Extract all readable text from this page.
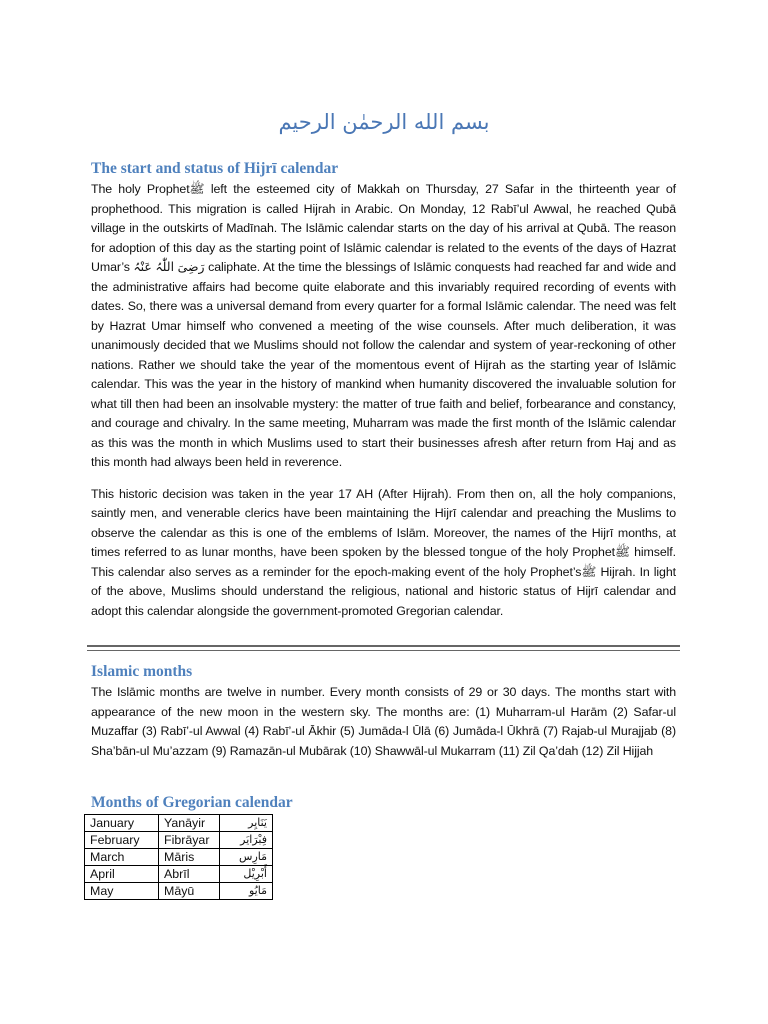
بسم الله الرحمٰن الرحیم
The start and status of Hijrī calendar

The holy Prophetﷺ left the esteemed city of Makkah on Thursday, 27 Safar in the thirteenth year of prophethood. This migration is called Hijrah in Arabic. On Monday, 12 Rabī’ul Awwal, he reached Qubā village in the outskirts of Madīnah. The Islāmic calendar starts on the day of his arrival at Qubā. The reason for adoption of this day as the starting point of Islāmic calendar is related to the events of the days of Hazrat Umar’s رَضِیَ اللّٰہُ عَنْہُ caliphate. At the time the blessings of Islāmic conquests had reached far and wide and the administrative affairs had become quite elaborate and this invariably required recording of events with dates. So, there was a universal demand from every quarter for a formal Islāmic calendar. The need was felt by Hazrat Umar himself who convened a meeting of the wise counsels. After much deliberation, it was unanimously decided that we Muslims should not follow the calendar and system of year-reckoning of other nations. Rather we should take the year of the momentous event of Hijrah as the starting year of Islāmic calendar. This was the year in the history of mankind when humanity discovered the invaluable solution for what till then had been an insolvable mystery: the matter of true faith and belief, forbearance and constancy, and courage and chivalry. In the same meeting, Muharram was made the first month of the Islāmic calendar as this was the month in which Muslims used to start their businesses afresh after return from Haj and as this month had always been held in reverence.

This historic decision was taken in the year 17 AH (After Hijrah). From then on, all the holy companions, saintly men, and venerable clerics have been maintaining the Hijrī calendar and preaching the Muslims to observe the calendar as this is one of the emblems of Islām. Moreover, the names of the Hijrī months, at times referred to as lunar months, have been spoken by the blessed tongue of the holy Prophetﷺ himself. This calendar also serves as a reminder for the epoch-making event of the holy Prophet’sﷺ Hijrah. In light of the above, Muslims should understand the religious, national and historic status of Hijrī calendar and adopt this calendar alongside the government-promoted Gregorian calendar.

Islamic months

The Islāmic months are twelve in number. Every month consists of 29 or 30 days. The months start with appearance of the new moon in the western sky. The months are: (1) Muharram-ul Harām (2) Safar-ul Muzaffar (3) Rabī’-ul Awwal (4) Rabī’-ul Ākhir (5) Jumāda-l Ūlā (6) Jumāda-l Ūkhrā (7) Rajab-ul Murajjab (8) Sha’bān-ul Mu’azzam (9) Ramazān-ul Mubārak (10) Shawwāl-ul Mukarram (11) Zil Qa’dah (12) Zil Hijjah

Months of Gregorian calendar
January	Yanāyir	يَنَايِر
February	Fibrāyar	فِبْرَايَر
March	Māris	مَارِس
April	Abrīl	أَبْرِيْل
May	Māyū	مَايُو
